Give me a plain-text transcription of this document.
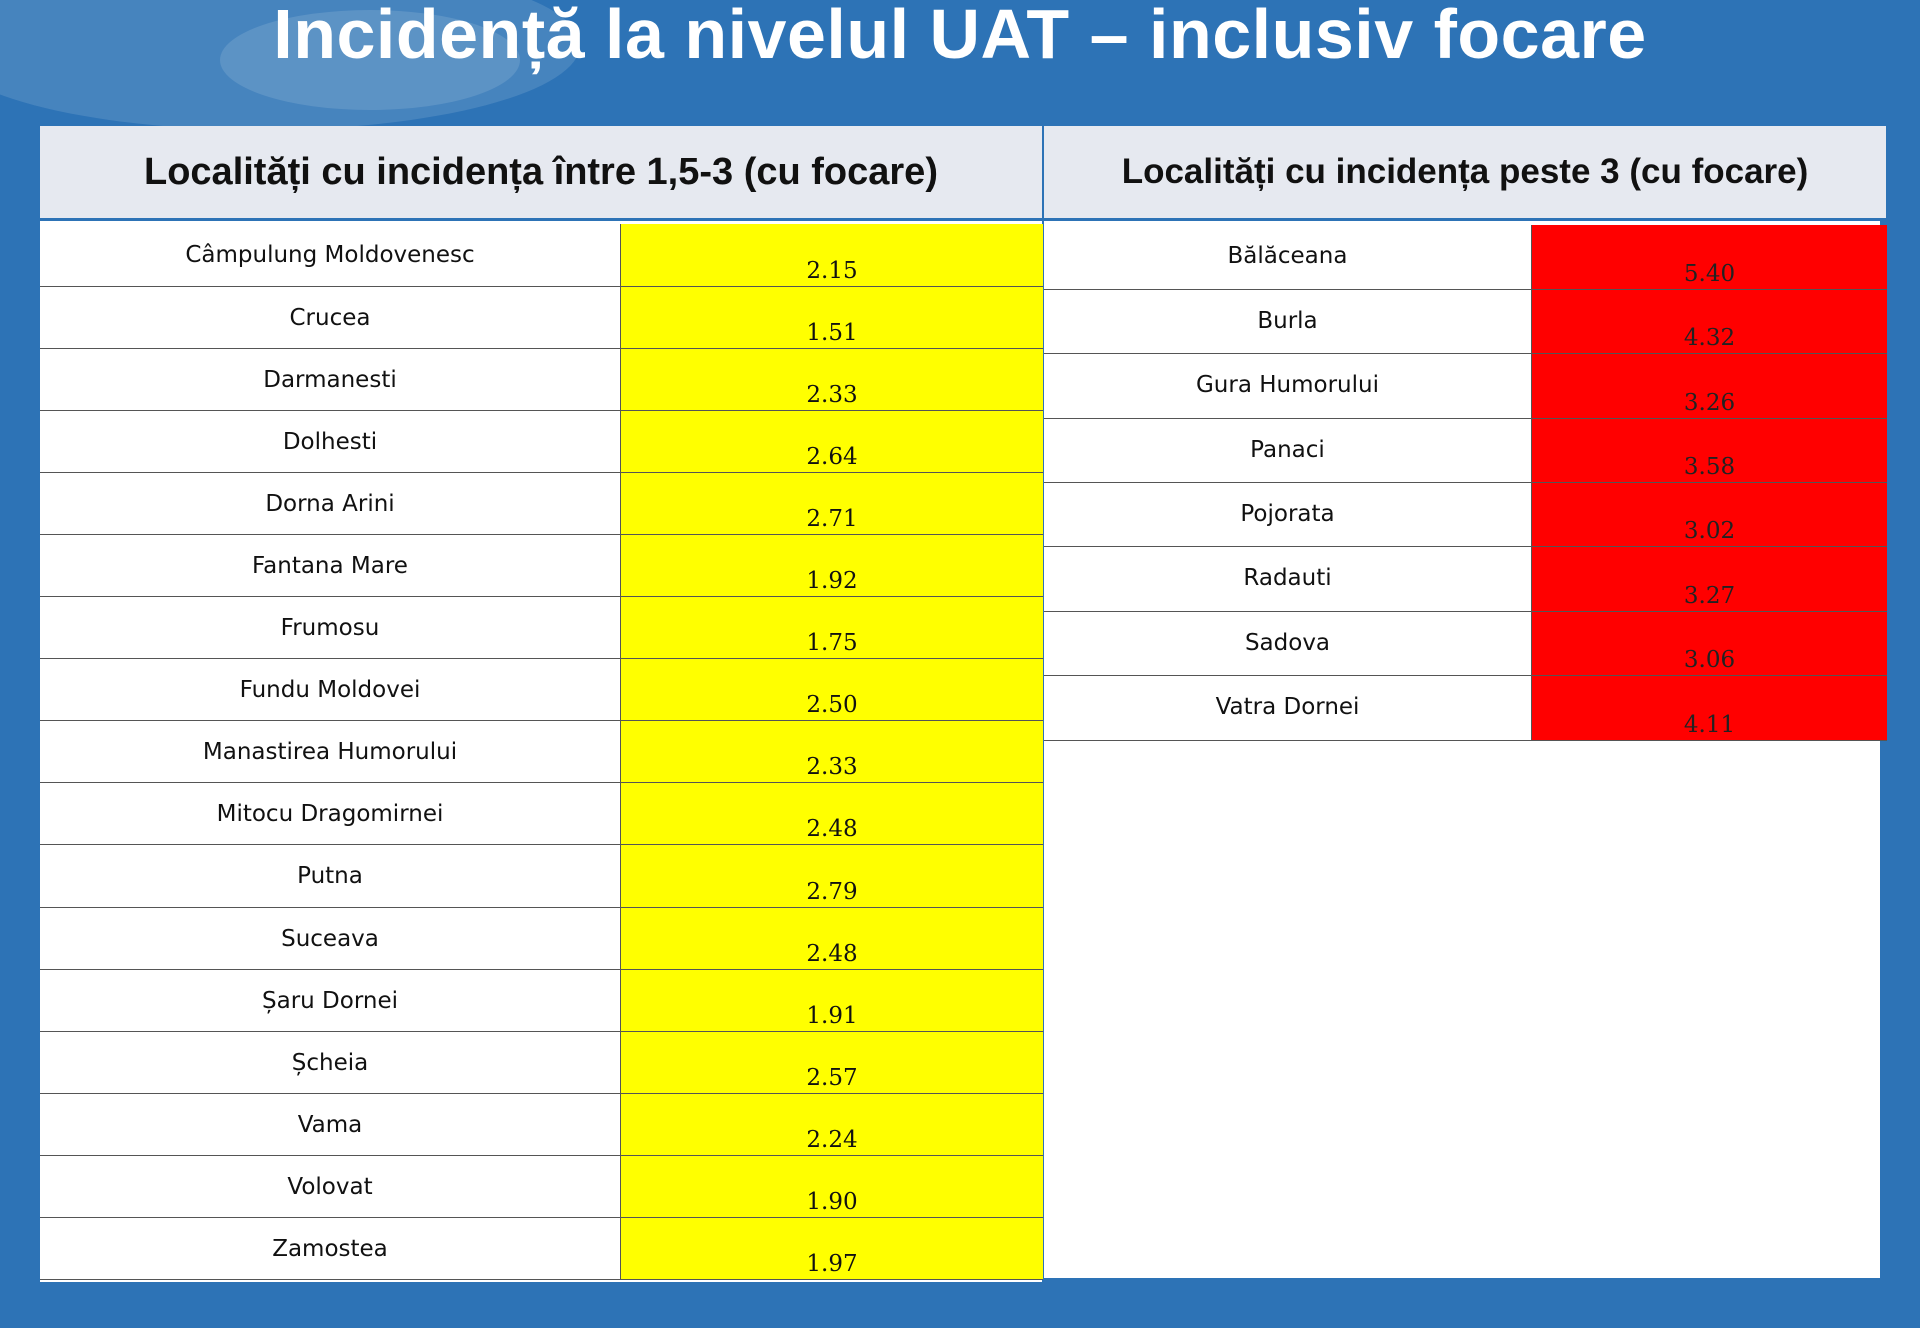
Incidență la nivelul UAT – inclusiv focare
Localități cu incidența între 1,5-3 (cu focare)
Câmpulung Moldovenesc	2.15
Crucea	1.51
Darmanesti	2.33
Dolhesti	2.64
Dorna Arini	2.71
Fantana Mare	1.92
Frumosu	1.75
Fundu Moldovei	2.50
Manastirea Humorului	2.33
Mitocu Dragomirnei	2.48
Putna	2.79
Suceava	2.48
Șaru Dornei	1.91
Șcheia	2.57
Vama	2.24
Volovat	1.90
Zamostea	1.97
Localități cu incidența peste 3 (cu focare)
Bălăceana	5.40
Burla	4.32
Gura Humorului	3.26
Panaci	3.58
Pojorata	3.02
Radauti	3.27
Sadova	3.06
Vatra Dornei	4.11
